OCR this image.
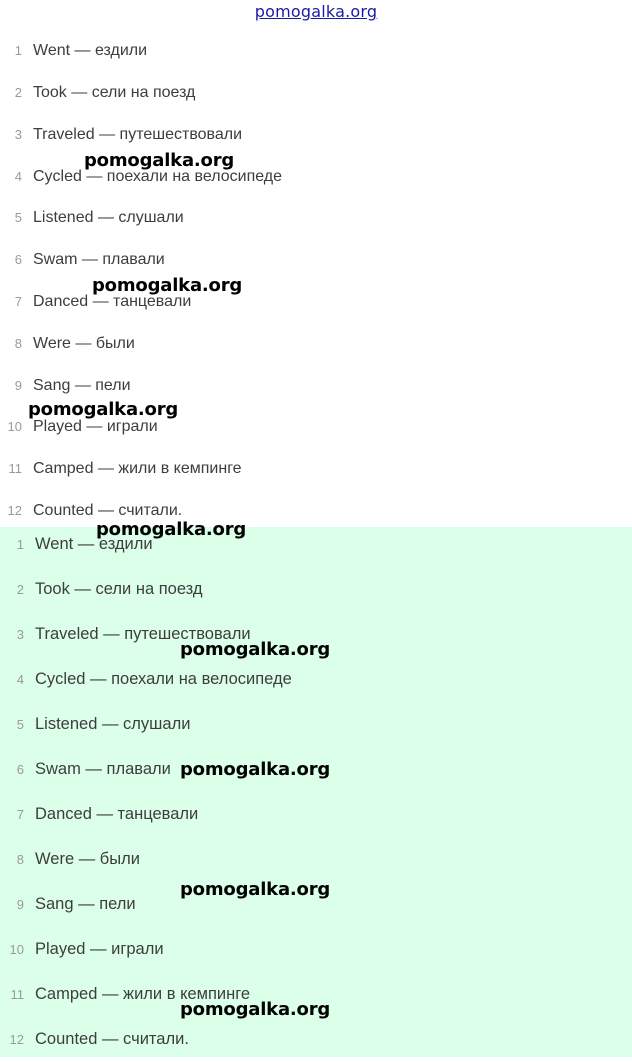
pomogalka.org
1 Went — ездили
2 Took — сели на поезд
3 Traveled — путешествовали
4 Cycled — поехали на велосипеде
5 Listened — слушали
6 Swam — плавали
7 Danced — танцевали
8 Were — были
9 Sang — пели
10 Played — играли
11 Camped — жили в кемпинге
12 Counted — считали.
1 Went — ездили
2 Took — сели на поезд
3 Traveled — путешествовали
4 Cycled — поехали на велосипеде
5 Listened — слушали
6 Swam — плавали
7 Danced — танцевали
8 Were — были
9 Sang — пели
10 Played — играли
11 Camped — жили в кемпинге
12 Counted — считали.
pomogalka.org
pomogalka.org
pomogalka.org
pomogalka.org
pomogalka.org
pomogalka.org
pomogalka.org
pomogalka.org
